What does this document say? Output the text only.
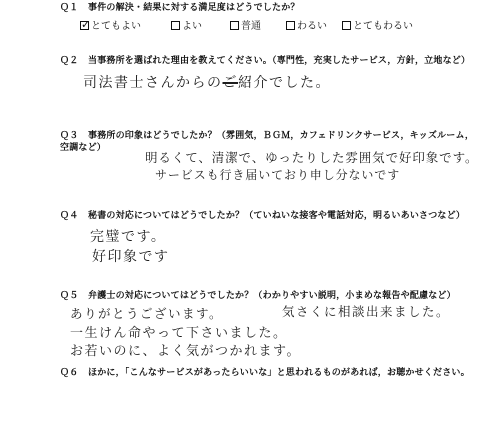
Ｑ１ 事件の解決・結果に対する満足度はどうでしたか？
✓ とてもよい	よい	普通	わるい	とてもわるい
Ｑ２ 当事務所を選ばれた理由を教えてください。（専門性，充実したサービス，方針，立地など）
司法書士さんからのご紹介でした。
Ｑ３ 事務所の印象はどうでしたか？（雰囲気，ＢＧＭ，カフェドリンクサービス，キッズルーム，空調など）
明るくて、清潔で、ゆったりした雰囲気で好印象です。
サービスも行き届いており申し分ないです
Ｑ４ 秘書の対応についてはどうでしたか？（ていねいな接客や電話対応，明るいあいさつなど）
完璧です。
好印象です
Ｑ５ 弁護士の対応についてはどうでしたか？（わかりやすい説明，小まめな報告や配慮など）
ありがとうございます。	気さくに相談出来ました。
一生けん命やって下さいました。
お若いのに、よく気がつかれます。
Ｑ６ ほかに，「こんなサービスがあったらいいな」と思われるものがあれば，お聴かせください。
